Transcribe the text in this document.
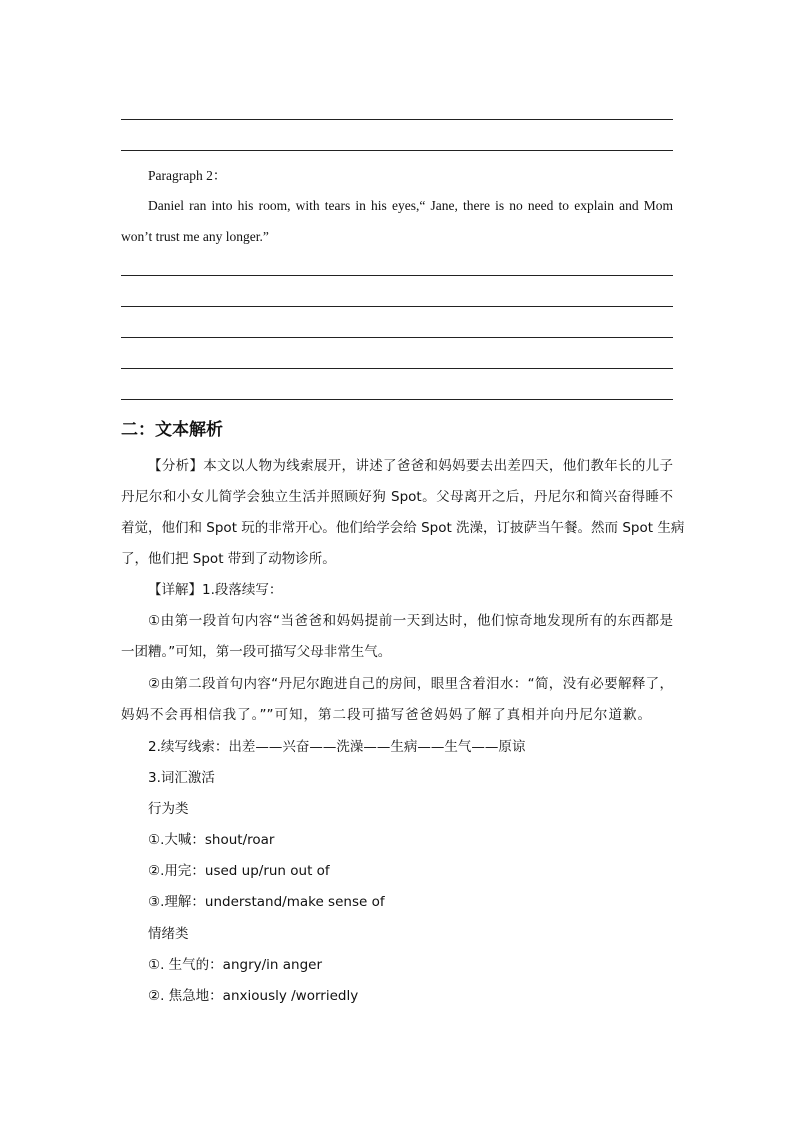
Paragraph 2：
Daniel ran into his room, with tears in his eyes,“ Jane, there is no need to explain and Mom
won’t trust me any longer.”
二：文本解析
【分析】本文以人物为线索展开，讲述了爸爸和妈妈要去出差四天，他们教年长的儿子
丹尼尔和小女儿简学会独立生活并照顾好狗 Spot。父母离开之后，丹尼尔和简兴奋得睡不
着觉，他们和 Spot 玩的非常开心。他们给学会给 Spot 洗澡，订披萨当午餐。然而 Spot 生病
了，他们把 Spot 带到了动物诊所。
【详解】1.段落续写：
①由第一段首句内容“当爸爸和妈妈提前一天到达时，他们惊奇地发现所有的东西都是
一团糟。”可知，第一段可描写父母非常生气。
②由第二段首句内容“丹尼尔跑进自己的房间，眼里含着泪水：“简，没有必要解释了，
妈妈不会再相信我了。””可知，第二段可描写爸爸妈妈了解了真相并向丹尼尔道歉。
2.续写线索：出差——兴奋——洗澡——生病——生气——原谅
3.词汇激活
行为类
①.大喊：shout/roar
②.用完：used up/run out of
③.理解：understand/make sense of
情绪类
①. 生气的：angry/in anger
②. 焦急地：anxiously /worriedly
